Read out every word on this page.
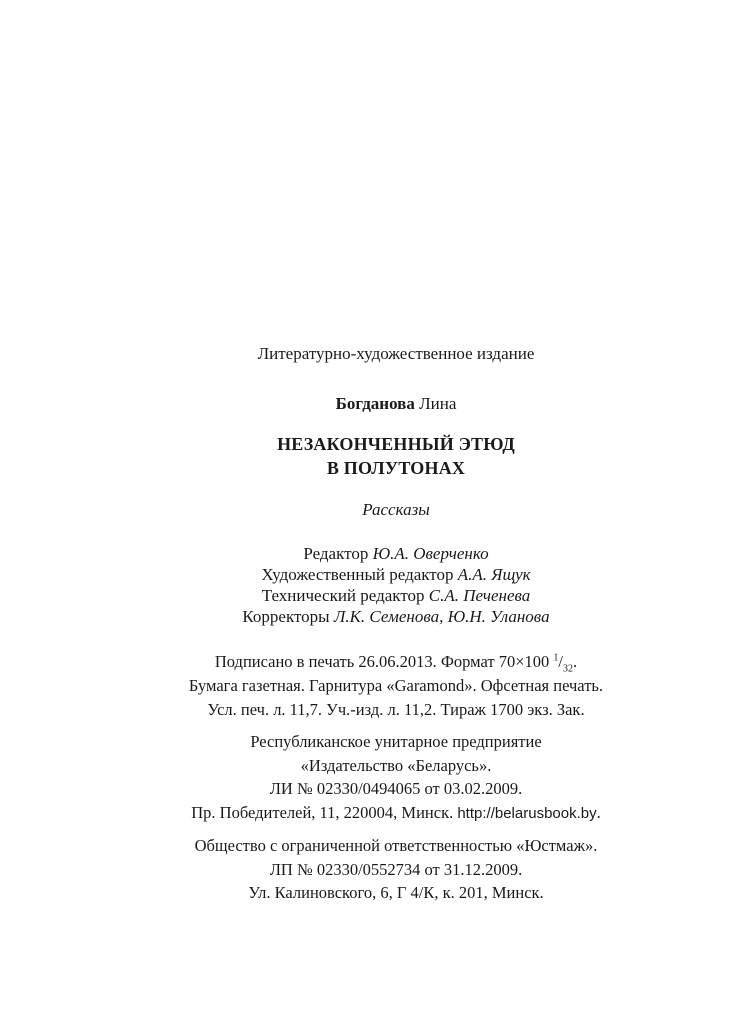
Литературно-художественное издание
Богданова Лина
НЕЗАКОНЧЕННЫЙ ЭТЮД
В ПОЛУТОНАХ
Рассказы
Редактор Ю.А. Оверченко
Художественный редактор А.А. Ящук
Технический редактор С.А. Печенева
Корректоры Л.К. Семенова, Ю.Н. Уланова
Подписано в печать 26.06.2013. Формат 70×100 $^1/_{32}$.
Бумага газетная. Гарнитура «Garamond». Офсетная печать.
Усл. печ. л. 11,7. Уч.-изд. л. 11,2. Тираж 1700 экз. Зак.
Республиканское унитарное предприятие
«Издательство «Беларусь».
ЛИ № 02330/0494065 от 03.02.2009.
Пр. Победителей, 11, 220004, Минск. http://belarusbook.by.
Общество с ограниченной ответственностью «Юстмаж».
ЛП № 02330/0552734 от 31.12.2009.
Ул. Калиновского, 6, Г 4/К, к. 201, Минск.
